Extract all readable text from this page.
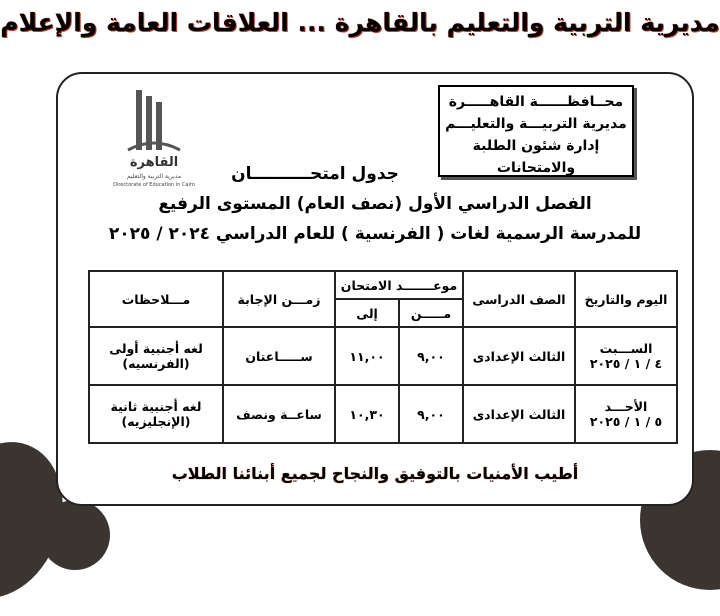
مديرية التربية والتعليم بالقاهرة ... العلاقات العامة والإعلام
القاهرة
مديرية التربية والتعليم
Directorate of Education in Cairo
محــافظــــــة القاهـــــرة
مديرية التربيـــة والتعليـــم
إدارة شئون الطلبة والامتحانات
جدول امتحــــــــــان
الفصل الدراسي الأول (نصف العام) المستوى الرفيع
للمدرسة الرسمية لغات ( الفرنسية ) للعام الدراسي ٢٠٢٤ / ٢٠٢٥
اليوم والتاريخ	الصف الدراسى	موعـــــــد الامتحان		زمـــن الإجابة	مـــلاحظات
		مـــــن	إلى		

الســـبت
٤ / ١ / ٢٠٢٥	الثالث الإعدادى	٩,٠٠	١١,٠٠	ســـــاعتان	لغه أجنبية أولى (الفرنسيه)

الأحـــد
٥ / ١ / ٢٠٢٥	الثالث الإعدادى	٩,٠٠	١٠,٣٠	ساعــة ونصف	لغه أجنبية ثانية (الإنجليزيه)
أطيب الأمنيات بالتوفيق والنجاح لجميع أبنائنا الطلاب
